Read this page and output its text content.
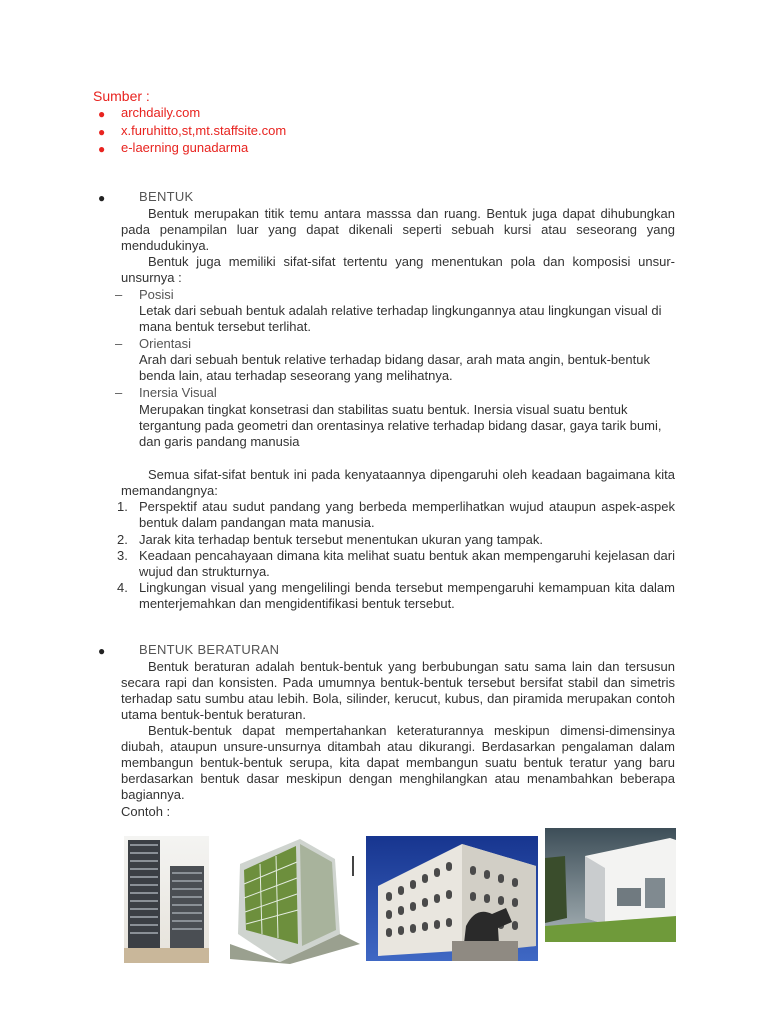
Sumber :
● archdaily.com
● x.furuhitto,st,mt.staffsite.com
● e-laerning gunadarma
●	BENTUK
Bentuk merupakan titik temu antara masssa dan ruang. Bentuk juga dapat dihubungkan pada penampilan luar yang dapat dikenali seperti sebuah kursi atau seseorang yang mendudukinya.
Bentuk juga memiliki sifat-sifat tertentu yang menentukan pola dan komposisi unsur-unsurnya :
– Posisi
Letak dari sebuah bentuk adalah relative terhadap lingkungannya atau lingkungan visual di mana bentuk tersebut terlihat.
– Orientasi
Arah dari sebuah bentuk relative terhadap bidang dasar, arah mata angin, bentuk-bentuk benda lain, atau terhadap seseorang yang melihatnya.
– Inersia Visual
Merupakan tingkat konsetrasi dan stabilitas suatu bentuk. Inersia visual suatu bentuk tergantung pada geometri dan orentasinya relative terhadap bidang dasar, gaya tarik bumi, dan garis pandang manusia
Semua sifat-sifat bentuk ini pada kenyataannya dipengaruhi oleh keadaan bagaimana kita memandangnya:
1. Perspektif atau sudut pandang yang berbeda memperlihatkan wujud ataupun aspek-aspek bentuk dalam pandangan mata manusia.
2. Jarak kita terhadap bentuk tersebut menentukan ukuran yang tampak.
3. Keadaan pencahayaan dimana kita melihat suatu bentuk akan mempengaruhi kejelasan dari wujud dan strukturnya.
4. Lingkungan visual yang mengelilingi benda tersebut mempengaruhi kemampuan kita dalam menterjemahkan dan mengidentifikasi bentuk tersebut.
●	BENTUK BERATURAN
Bentuk beraturan adalah bentuk-bentuk yang berbubungan satu sama lain dan tersusun secara rapi dan konsisten. Pada umumnya bentuk-bentuk tersebut bersifat stabil dan simetris terhadap satu sumbu atau lebih. Bola, silinder, kerucut, kubus, dan piramida merupakan contoh utama bentuk-bentuk beraturan.
Bentuk-bentuk dapat mempertahankan keteraturannya meskipun dimensi-dimensinya diubah, ataupun unsure-unsurnya ditambah atau dikurangi. Berdasarkan pengalaman dalam membangun bentuk-bentuk serupa, kita dapat membangun suatu bentuk teratur yang baru berdasarkan bentuk dasar meskipun dengan menghilangkan atau menambahkan beberapa bagiannya.
Contoh :
